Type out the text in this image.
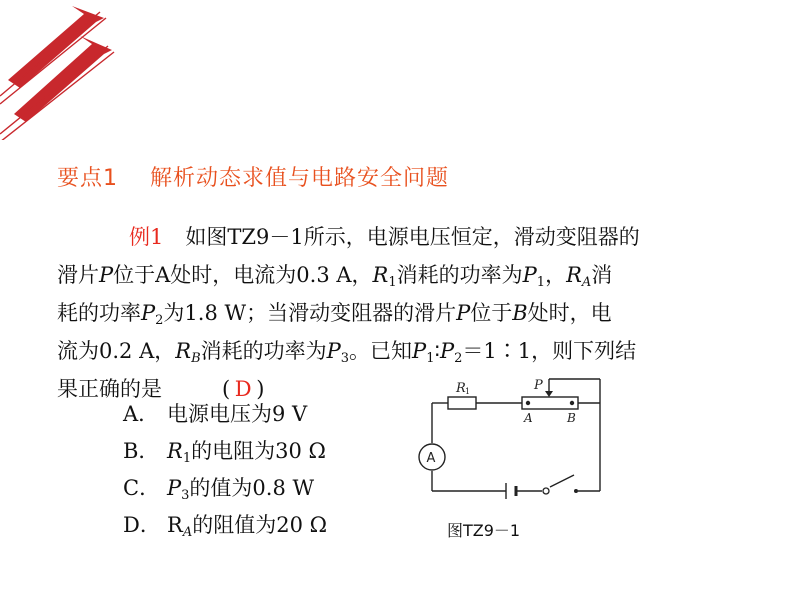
要点1 解析动态求值与电路安全问题
例1 如图TZ9－1所示，电源电压恒定，滑动变阻器的
滑片P位于A处时，电流为0.3 A，$R_1$消耗的功率为$P_1$，$R_A$消
耗的功率$P_2$为1.8 W；当滑动变阻器的滑片P位于B处时，电
流为0.2 A，$R_B$消耗的功率为$P_3$。已知$P_1∶P_2=1∶1$，则下列结
果正确的是	( D )
A． 电源电压为9 V
B． $R_1$的电阻为30 Ω
C． $P_3$的值为0.8 W
D． $R_A$的阻值为20 Ω
R 1	P
A	B
A
图TZ9－1
